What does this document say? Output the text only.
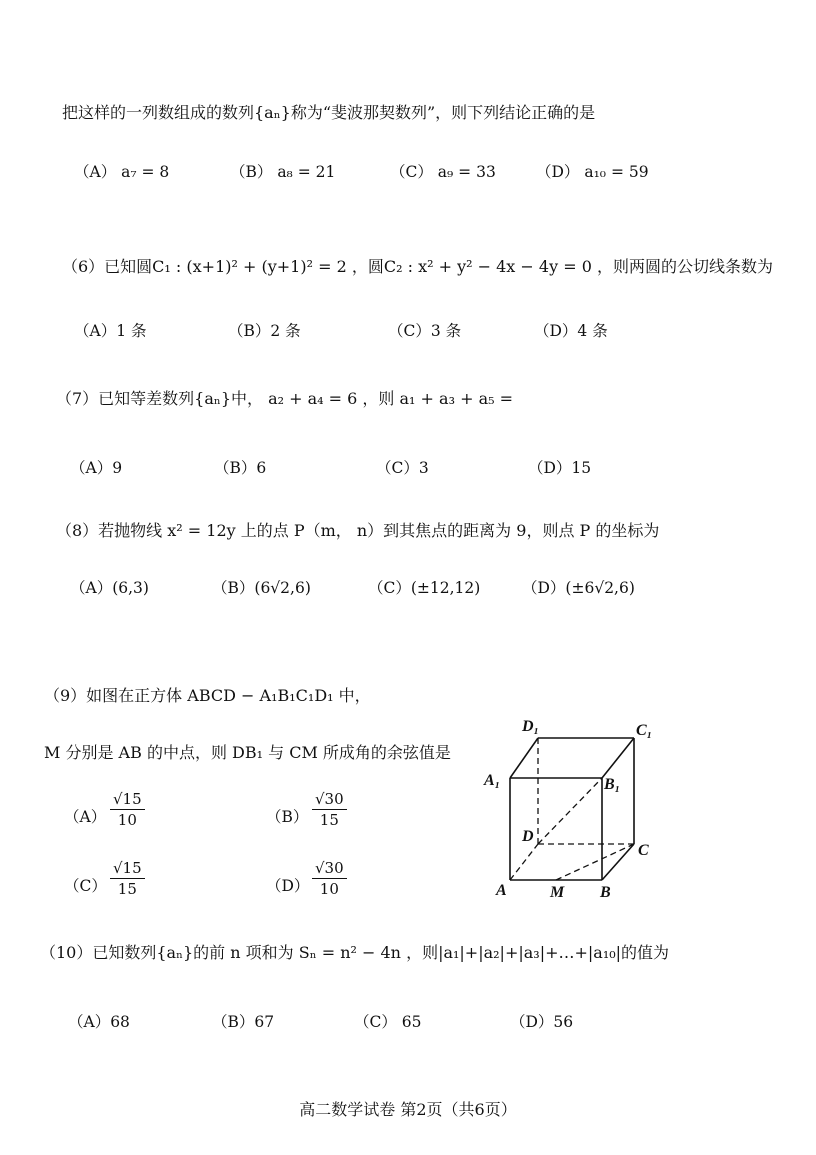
把这样的一列数组成的数列{aₙ}称为“斐波那契数列”，则下列结论正确的是
（A） a₇ = 8	（B） a₈ = 21	（C） a₉ = 33	（D） a₁₀ = 59
（6）已知圆C₁ : (x+1)² + (y+1)² = 2 ，圆C₂ : x² + y² − 4x − 4y = 0 ，则两圆的公切线条数为
（A）1 条	（B）2 条	（C）3 条	（D）4 条
（7）已知等差数列{aₙ}中， a₂ + a₄ = 6 ，则 a₁ + a₃ + a₅ =
（A）9	（B）6	（C）3	（D）15
（8）若抛物线 x² = 12y 上的点 P（m， n）到其焦点的距离为 9，则点 P 的坐标为
（A）(6,3)	（B）(6√2,6)	（C）(±12,12)	（D）(±6√2,6)
（9）如图在正方体 ABCD − A₁B₁C₁D₁ 中，
M 分别是 AB 的中点，则 DB₁ 与 CM 所成角的余弦值是
$(A) \frac{√15}{10}$	$(B) \frac{√30}{15}$
$(C) \frac{√15}{15}$	$(D) \frac{√30}{10}$
D₁	C₁
A₁	B₁
D
C
A	M B
（10）已知数列{aₙ}的前 n 项和为 Sₙ = n² − 4n ，则|a₁|+|a₂|+|a₃|+…+|a₁₀|的值为
（A）68	（B）67	（C） 65	（D）56
高二数学试卷 第2页（共6页）
